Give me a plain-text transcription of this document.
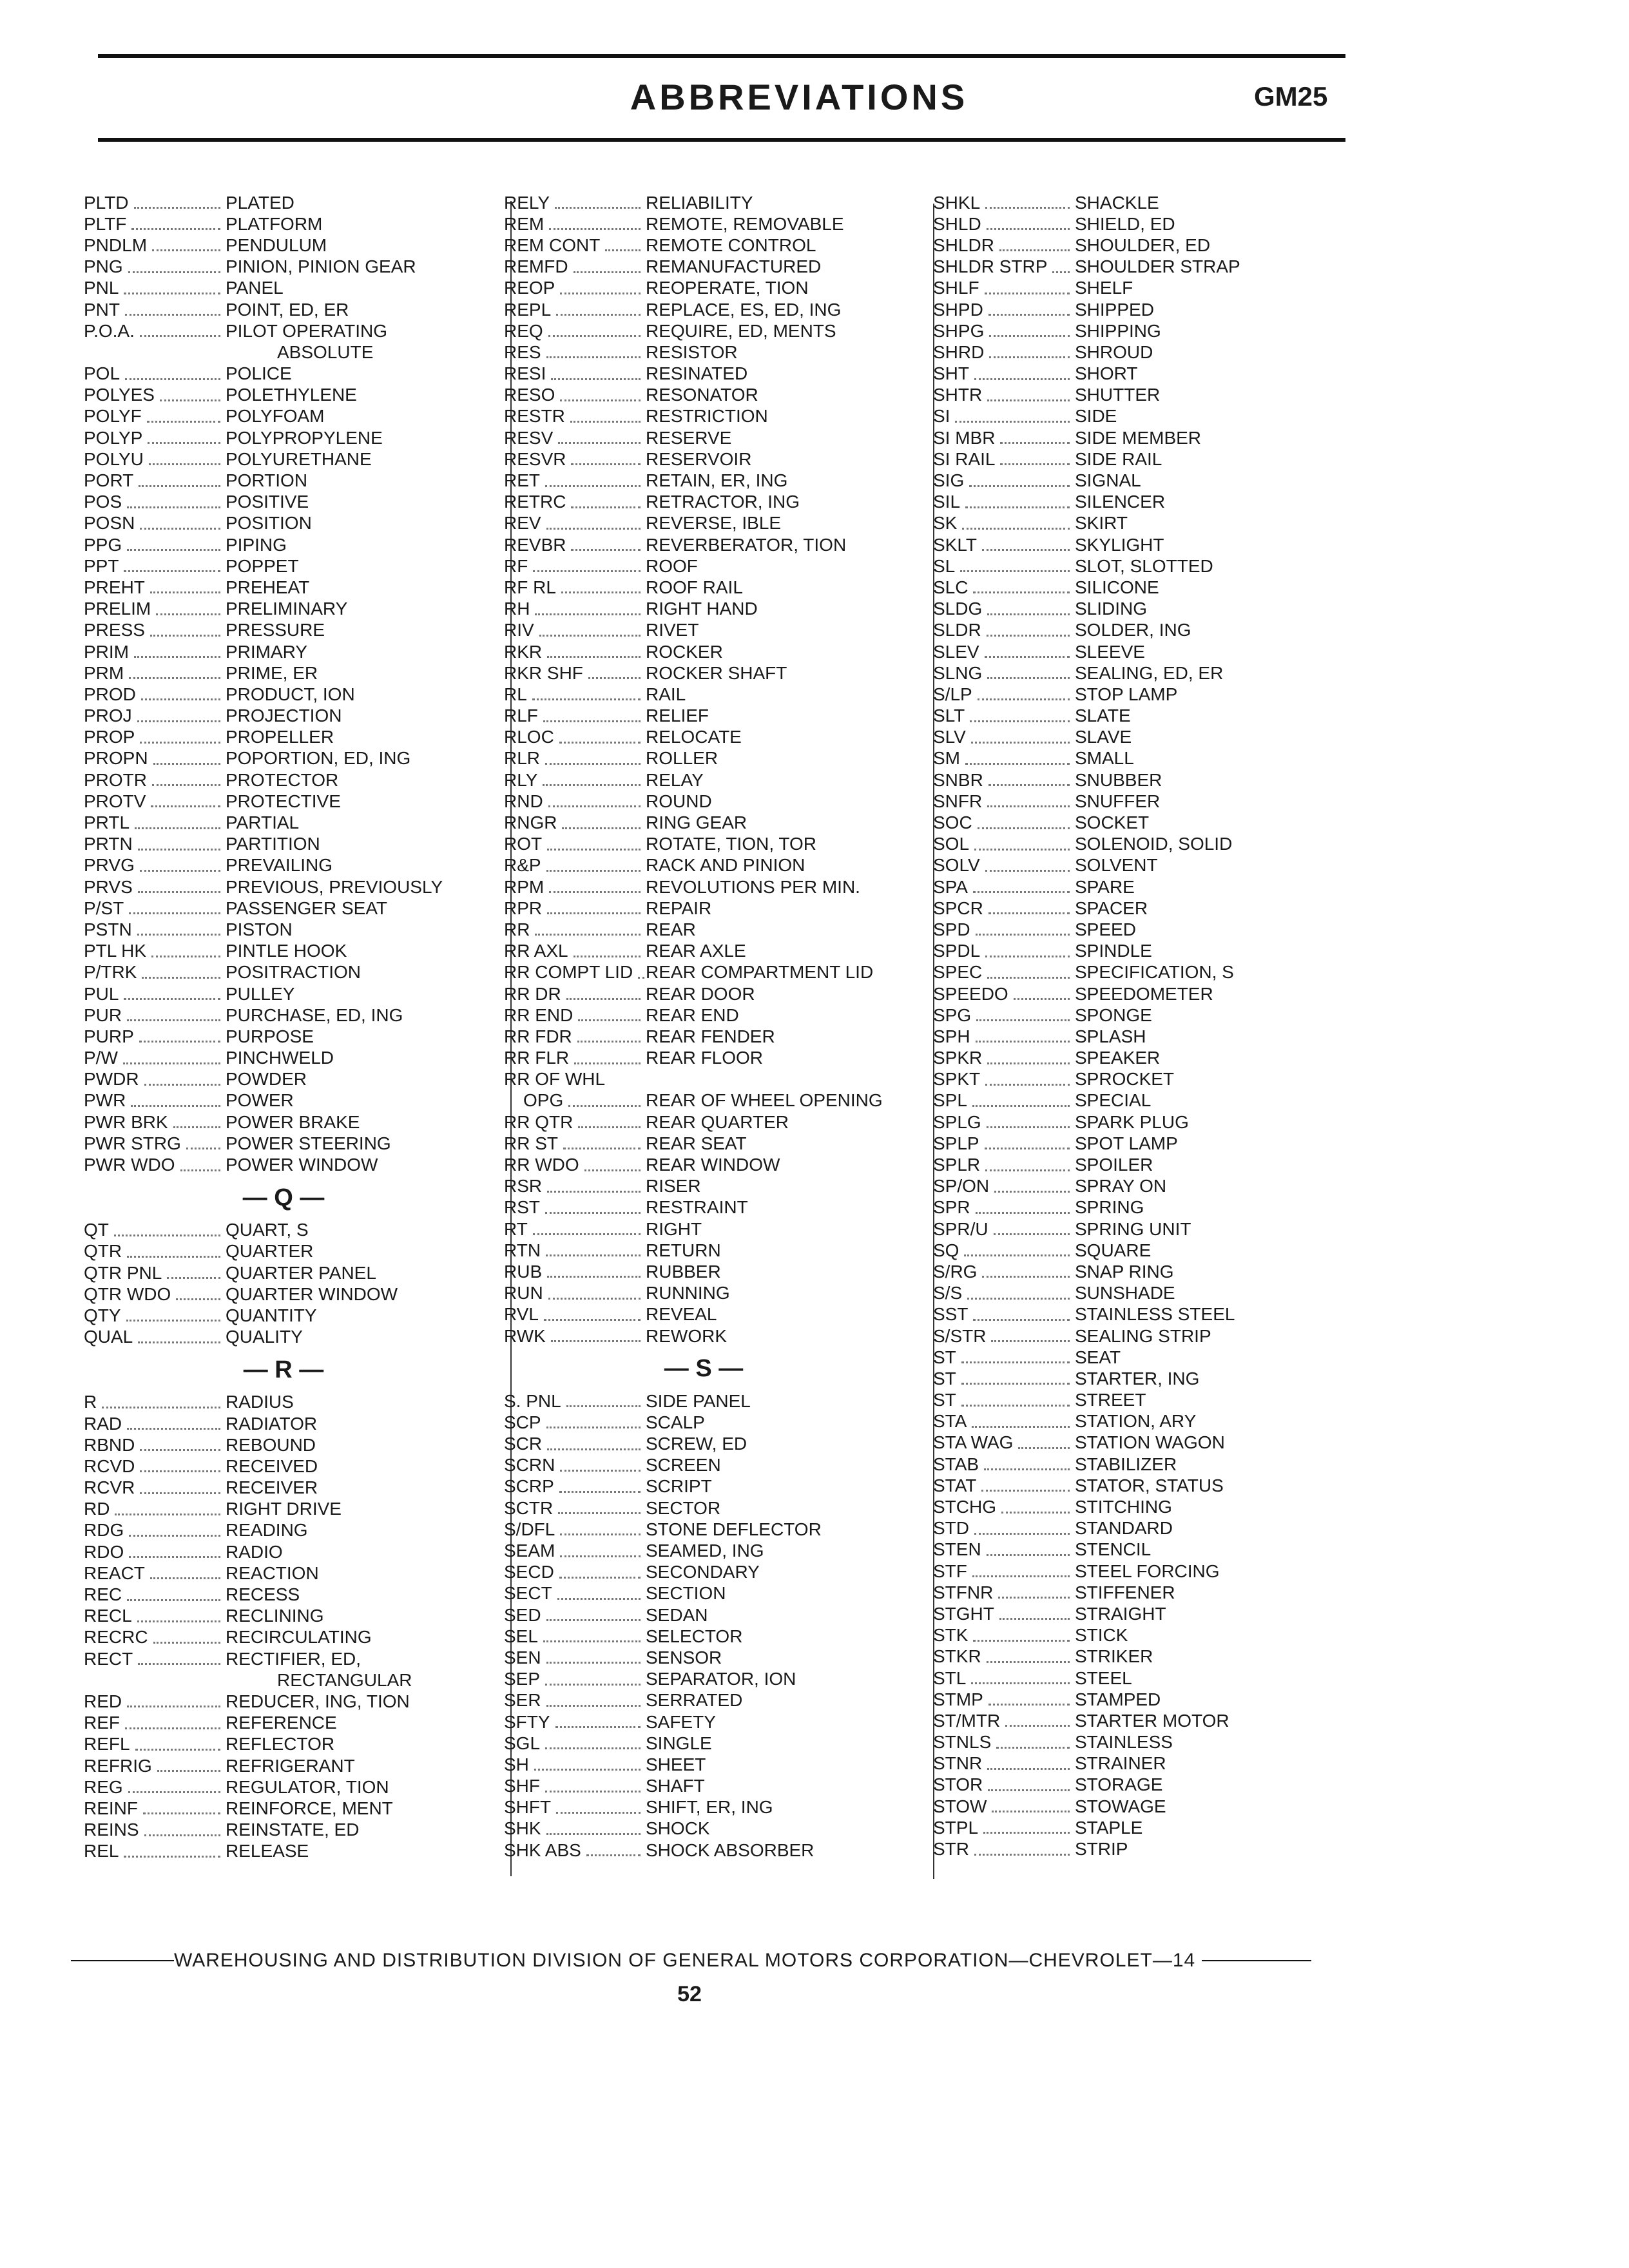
ABBREVIATIONS	GM25
PLTD	PLATED
PLTF	PLATFORM
PNDLM	PENDULUM
PNG	PINION, PINION GEAR
PNL	PANEL
PNT	POINT, ED, ER
P.O.A.	PILOT OPERATING
ABSOLUTE
POL	POLICE
POLYES	POLETHYLENE
POLYF	POLYFOAM
POLYP	POLYPROPYLENE
POLYU	POLYURETHANE
PORT	PORTION
POS	POSITIVE
POSN	POSITION
PPG	PIPING
PPT	POPPET
PREHT	PREHEAT
PRELIM	PRELIMINARY
PRESS	PRESSURE
PRIM	PRIMARY
PRM	PRIME, ER
PROD	PRODUCT, ION
PROJ	PROJECTION
PROP	PROPELLER
PROPN	POPORTION, ED, ING
PROTR	PROTECTOR
PROTV	PROTECTIVE
PRTL	PARTIAL
PRTN	PARTITION
PRVG	PREVAILING
PRVS	PREVIOUS, PREVIOUSLY
P/ST	PASSENGER SEAT
PSTN	PISTON
PTL HK	PINTLE HOOK
P/TRK	POSITRACTION
PUL	PULLEY
PUR	PURCHASE, ED, ING
PURP	PURPOSE
P/W	PINCHWELD
PWDR	POWDER
PWR	POWER
PWR BRK	POWER BRAKE
PWR STRG POWER STEERING
PWR WDO	POWER WINDOW
— Q —
QT	QUART, S
QTR	QUARTER
QTR PNL	QUARTER PANEL
QTR WDO	QUARTER WINDOW
QTY	QUANTITY
QUAL	QUALITY
— R —
R	RADIUS
RAD	RADIATOR
RBND	REBOUND
RCVD	RECEIVED
RCVR	RECEIVER
RD	RIGHT DRIVE
RDG	READING
RDO	RADIO
REACT	REACTION
REC	RECESS
RECL	RECLINING
RECRC	RECIRCULATING
RECT	RECTIFIER, ED,
RECTANGULAR
RED	REDUCER, ING, TION
REF	REFERENCE
REFL	REFLECTOR
REFRIG	REFRIGERANT
REG	REGULATOR, TION
REINF	REINFORCE, MENT
REINS	REINSTATE, ED
REL	RELEASE
RELY	RELIABILITY
REM	REMOTE, REMOVABLE
REM CONT	REMOTE CONTROL
REMFD	REMANUFACTURED
REOP	REOPERATE, TION
REPL	REPLACE, ES, ED, ING
REQ	REQUIRE, ED, MENTS
RES	RESISTOR
RESI	RESINATED
RESO	RESONATOR
RESTR	RESTRICTION
RESV	RESERVE
RESVR	RESERVOIR
RET	RETAIN, ER, ING
RETRC	RETRACTOR, ING
REV	REVERSE, IBLE
REVBR	REVERBERATOR, TION
RF	ROOF
RF RL	ROOF RAIL
RH	RIGHT HAND
RIV	RIVET
RKR	ROCKER
RKR SHF	ROCKER SHAFT
RL	RAIL
RLF	RELIEF
RLOC	RELOCATE
RLR	ROLLER
RLY	RELAY
RND	ROUND
RNGR	RING GEAR
ROT	ROTATE, TION, TOR
R&P	RACK AND PINION
RPM	REVOLUTIONS PER MIN.
RPR	REPAIR
RR	REAR
RR AXL	REAR AXLE
RR COMPT LID REAR COMPARTMENT LID
RR DR	REAR DOOR
RR END	REAR END
RR FDR	REAR FENDER
RR FLR	REAR FLOOR
RR OF WHL
OPG	REAR OF WHEEL OPENING
RR QTR	REAR QUARTER
RR ST	REAR SEAT
RR WDO	REAR WINDOW
RSR	RISER
RST	RESTRAINT
RT	RIGHT
RTN	RETURN
RUB	RUBBER
RUN	RUNNING
RVL	REVEAL
RWK	REWORK
— S —
S. PNL	SIDE PANEL
SCP	SCALP
SCR	SCREW, ED
SCRN	SCREEN
SCRP	SCRIPT
SCTR	SECTOR
S/DFL	STONE DEFLECTOR
SEAM	SEAMED, ING
SECD	SECONDARY
SECT	SECTION
SED	SEDAN
SEL	SELECTOR
SEN	SENSOR
SEP	SEPARATOR, ION
SER	SERRATED
SFTY	SAFETY
SGL	SINGLE
SH	SHEET
SHF	SHAFT
SHFT	SHIFT, ER, ING
SHK	SHOCK
SHK ABS	SHOCK ABSORBER
SHKL	SHACKLE
SHLD	SHIELD, ED
SHLDR	SHOULDER, ED
SHLDR STRP SHOULDER STRAP
SHLF	SHELF
SHPD	SHIPPED
SHPG	SHIPPING
SHRD	SHROUD
SHT	SHORT
SHTR	SHUTTER
SI	SIDE
SI MBR	SIDE MEMBER
SI RAIL	SIDE RAIL
SIG	SIGNAL
SIL	SILENCER
SK	SKIRT
SKLT	SKYLIGHT
SL	SLOT, SLOTTED
SLC	SILICONE
SLDG	SLIDING
SLDR	SOLDER, ING
SLEV	SLEEVE
SLNG	SEALING, ED, ER
S/LP	STOP LAMP
SLT	SLATE
SLV	SLAVE
SM	SMALL
SNBR	SNUBBER
SNFR	SNUFFER
SOC	SOCKET
SOL	SOLENOID, SOLID
SOLV	SOLVENT
SPA	SPARE
SPCR	SPACER
SPD	SPEED
SPDL	SPINDLE
SPEC	SPECIFICATION, S
SPEEDO	SPEEDOMETER
SPG	SPONGE
SPH	SPLASH
SPKR	SPEAKER
SPKT	SPROCKET
SPL	SPECIAL
SPLG	SPARK PLUG
SPLP	SPOT LAMP
SPLR	SPOILER
SP/ON	SPRAY ON
SPR	SPRING
SPR/U	SPRING UNIT
SQ	SQUARE
S/RG	SNAP RING
S/S	SUNSHADE
SST	STAINLESS STEEL
S/STR	SEALING STRIP
ST	SEAT
ST	STARTER, ING
ST	STREET
STA	STATION, ARY
STA WAG	STATION WAGON
STAB	STABILIZER
STAT	STATOR, STATUS
STCHG	STITCHING
STD	STANDARD
STEN	STENCIL
STF	STEEL FORCING
STFNR	STIFFENER
STGHT	STRAIGHT
STK	STICK
STKR	STRIKER
STL	STEEL
STMP	STAMPED
ST/MTR	STARTER MOTOR
STNLS	STAINLESS
STNR	STRAINER
STOR	STORAGE
STOW	STOWAGE
STPL	STAPLE
STR	STRIP
WAREHOUSING AND DISTRIBUTION DIVISION OF GENERAL MOTORS CORPORATION—CHEVROLET—14
52
